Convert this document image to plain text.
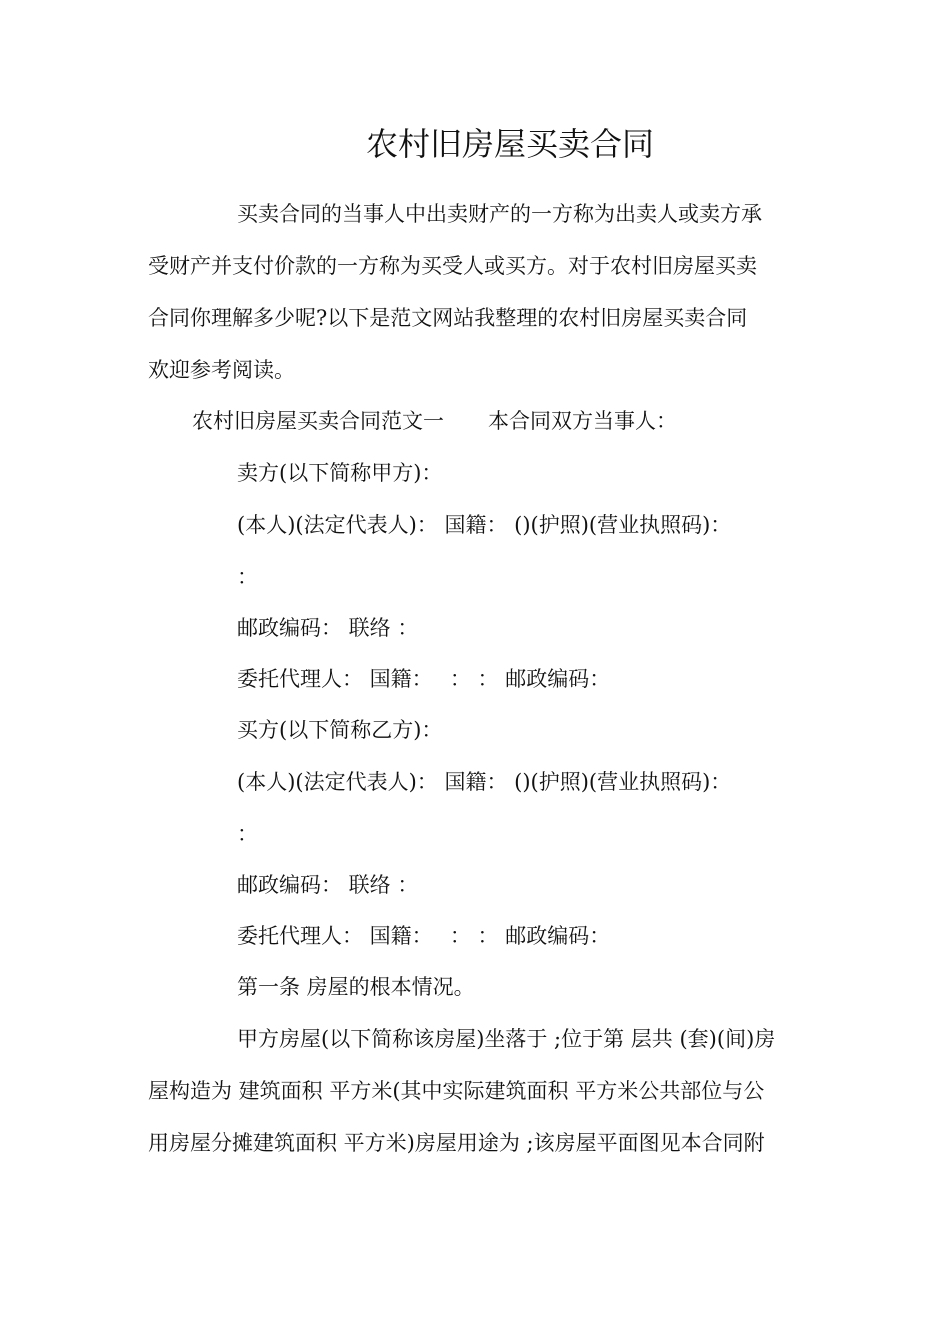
农村旧房屋买卖合同
买卖合同的当事人中出卖财产的一方称为出卖人或卖方承
受财产并支付价款的一方称为买受人或买方。对于农村旧房屋买卖
合同你理解多少呢?以下是范文网站我整理的农村旧房屋买卖合同
欢迎参考阅读。
农村旧房屋买卖合同范文一 本合同双方当事人：
卖方(以下简称甲方)：
(本人)(法定代表人)： 国籍： ()(护照)(营业执照码)：
：
邮政编码： 联络 ：
委托代理人： 国籍：　 ： ： 邮政编码：
买方(以下简称乙方)：
(本人)(法定代表人)： 国籍： ()(护照)(营业执照码)：
：
邮政编码： 联络 ：
委托代理人： 国籍：　 ： ： 邮政编码：
第一条 房屋的根本情况。
甲方房屋(以下简称该房屋)坐落于 ;位于第 层共 (套)(间)房
屋构造为 建筑面积 平方米(其中实际建筑面积 平方米公共部位与公
用房屋分摊建筑面积 平方米)房屋用途为 ;该房屋平面图见本合同附
